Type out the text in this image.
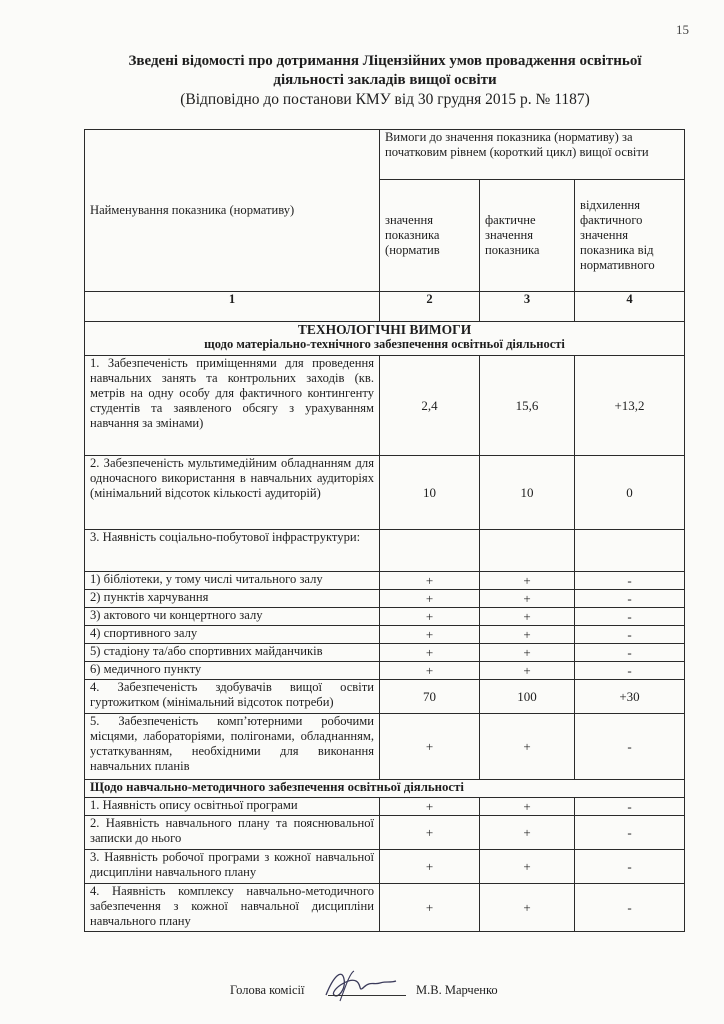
15
Зведені відомості про дотримання Ліцензійних умов провадження освітньої
діяльності закладів вищої освіти
(Відповідно до постанови КМУ від 30 грудня 2015 р. № 1187)
Найменування показника (нормативу)	Вимоги до значення показника (нормативу) за початковим рівнем (короткий цикл) вищої освіти		
	значення показника (норматив	фактичне значення показника	відхилення фактичного значення показника від нормативного
1	2	3	4

ТЕХНОЛОГІЧНІ ВИМОГИ
щодо матеріально-технічного забезпечення освітньої діяльності			

1. Забезпеченість приміщеннями для проведення навчальних занять та контрольних заходів (кв. метрів на одну особу для фактичного контингенту студентів та заявленого обсягу з урахуванням навчання за змінами)	2,4	15,6	+13,2
2. Забезпеченість мультимедійним обладнанням для одночасного використання в навчальних аудиторіях (мінімальний відсоток кількості аудиторій)	10	10	0
3. Наявність соціально-побутової інфраструктури:			
1) бібліотеки, у тому числі читального залу	+	+	-
2) пунктів харчування	+	+	-
3) актового чи концертного залу	+	+	-
4) спортивного залу	+	+	-
5) стадіону та/або спортивних майданчиків	+	+	-
6) медичного пункту	+	+	-
4. Забезпеченість здобувачів вищої освіти гуртожитком (мінімальний відсоток потреби)	70	100	+30
5. Забезпеченість комп’ютерними робочими місцями, лабораторіями, полігонами, обладнанням, устаткуванням, необхідними для виконання навчальних планів	+	+	-
Щодо навчально-методичного забезпечення освітньої діяльності			
1. Наявність опису освітньої програми	+	+	-
2. Наявність навчального плану та пояснювальної записки до нього	+	+	-
3. Наявність робочої програми з кожної навчальної дисципліни навчального плану	+	+	-
4. Наявність комплексу навчально-методичного забезпечення з кожної навчальної дисципліни навчального плану	+	+	-
Голова комісії	М.В. Марченко
